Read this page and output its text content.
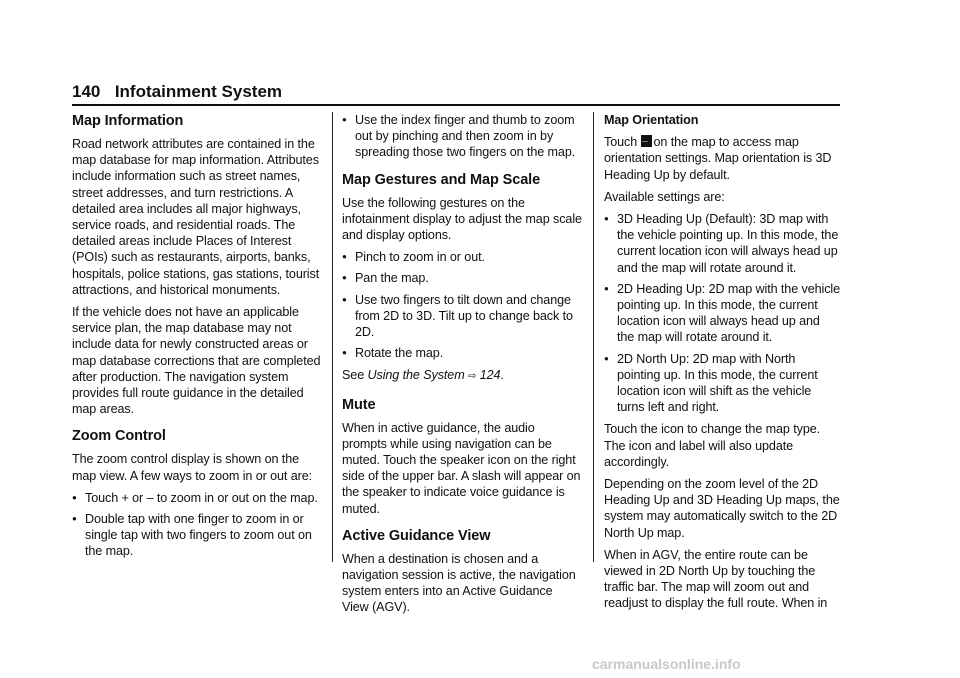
140 Infotainment System
Map Information

Road network attributes are contained in the map database for map information. Attributes include information such as street names, street addresses, and turn restrictions. A detailed area includes all major highways, service roads, and residential roads. The detailed areas include Places of Interest (POIs) such as restaurants, airports, banks, hospitals, police stations, gas stations, tourist attractions, and historical monuments.

If the vehicle does not have an applicable service plan, the map database may not include data for newly constructed areas or map database corrections that are completed after production. The navigation system provides full route guidance in the detailed map areas.

Zoom Control

The zoom control display is shown on the map view. A few ways to zoom in or out are:

● Touch + or – to zoom in or out on the map.
● Double tap with one finger to zoom in or single tap with two fingers to zoom out on the map.
● Use the index finger and thumb to zoom out by pinching and then zoom in by spreading those two fingers on the map.
Map Gestures and Map Scale

Use the following gestures on the infotainment display to adjust the map scale and display options.

● Pinch to zoom in or out.
● Pan the map.
● Use two fingers to tilt down and change from 2D to 3D. Tilt up to change back to 2D.
● Rotate the map.

See Using the System ⇨ 124.

Mute

When in active guidance, the audio prompts while using navigation can be muted. Touch the speaker icon on the right side of the upper bar. A slash will appear on the speaker to indicate voice guidance is muted.

Active Guidance View

When a destination is chosen and a navigation session is active, the navigation system enters into an Active Guidance View (AGV).

Map Orientation

Touch ··· on the map to access map orientation settings. Map orientation is 3D Heading Up by default.

Available settings are:

● 3D Heading Up (Default): 3D map with the vehicle pointing up. In this mode, the current location icon will always head up and the map will rotate around it.
● 2D Heading Up: 2D map with the vehicle pointing up. In this mode, the current location icon will always head up and the map will rotate around it.
● 2D North Up: 2D map with North pointing up. In this mode, the current location icon will shift as the vehicle turns left and right.

Touch the icon to change the map type. The icon and label will also update accordingly.

Depending on the zoom level of the 2D Heading Up and 3D Heading Up maps, the system may automatically switch to the 2D North Up map.

When in AGV, the entire route can be viewed in 2D North Up by touching the traffic bar. The map will zoom out and readjust to display the full route. When in

carmanualsonline.info
